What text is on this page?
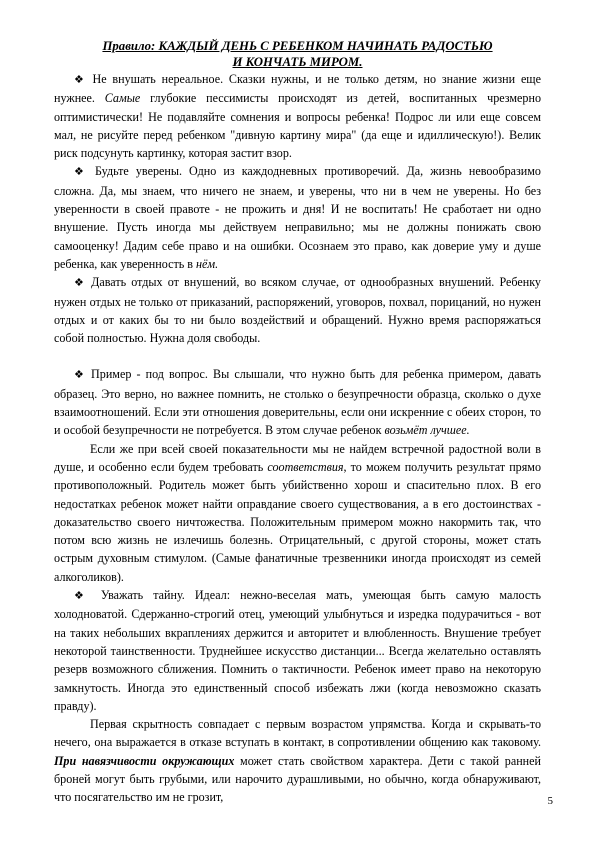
Правило: КАЖДЫЙ ДЕНЬ С РЕБЕНКОМ НАЧИНАТЬ РАДОСТЬЮ
И КОНЧАТЬ МИРОМ.

❖ Не внушать нереальное. Сказки нужны, и не только детям, но знание жизни еще нужнее. Самые глубокие пессимисты происходят из детей, воспитанных чрезмерно оптимистически! Не подавляйте сомнения и вопросы ребенка! Подрос ли или еще совсем мал, не рисуйте перед ребенком "дивную картину мира" (да еще и идиллическую!). Велик риск подсунуть картинку, которая застит взор.

❖ Будьте уверены. Одно из каждодневных противоречий. Да, жизнь невообразимо сложна. Да, мы знаем, что ничего не знаем, и уверены, что ни в чем не уверены. Но без уверенности в своей правоте - не прожить и дня! И не воспитать! Не сработает ни одно внушение. Пусть иногда мы действуем неправильно; мы не должны понижать свою самооценку! Дадим себе право и на ошибки. Осознаем это право, как доверие уму и душе ребенка, как уверенность в нём.

❖ Давать отдых от внушений, во всяком случае, от однообразных внушений. Ребенку нужен отдых не только от приказаний, распоряжений, уговоров, похвал, порицаний, но нужен отдых и от каких бы то ни было воздействий и обращений. Нужно время распоряжаться собой полностью. Нужна доля свободы.

❖ Пример - под вопрос. Вы слышали, что нужно быть для ребенка примером, давать образец. Это верно, но важнее помнить, не столько о безупречности образца, сколько о духе взаимоотношений. Если эти отношения доверительны, если они искренние с обеих сторон, то и особой безупречности не потребуется. В этом случае ребенок возьмёт лучшее.

Если же при всей своей показательности мы не найдем встречной радостной воли в душе, и особенно если будем требовать соответствия, то можем получить результат прямо противоположный. Родитель может быть убийственно хорош и спасительно плох. В его недостатках ребенок может найти оправдание своего существования, а в его достоинствах - доказательство своего ничтожества. Положительным примером можно накормить так, что потом всю жизнь не излечишь болезнь. Отрицательный, с другой стороны, может стать острым духовным стимулом. (Самые фанатичные трезвенники иногда происходят из семей алкоголиков).

❖ Уважать тайну. Идеал: нежно-веселая мать, умеющая быть самую малость холодноватой. Сдержанно-строгий отец, умеющий улыбнуться и изредка подурачиться - вот на таких небольших вкраплениях держится и авторитет и влюбленность. Внушение требует некоторой таинственности. Труднейшее искусство дистанции... Всегда желательно оставлять резерв возможного сближения. Помнить о тактичности. Ребенок имеет право на некоторую замкнутость. Иногда это единственный способ избежать лжи (когда невозможно сказать правду).

Первая скрытность совпадает с первым возрастом упрямства. Когда и скрывать-то нечего, она выражается в отказе вступать в контакт, в сопротивлении общению как таковому. При навязчивости окружающих может стать свойством характера. Дети с такой ранней броней могут быть грубыми, или нарочито дурашливыми, но обычно, когда обнаруживают, что посягательство им не грозит,	5
